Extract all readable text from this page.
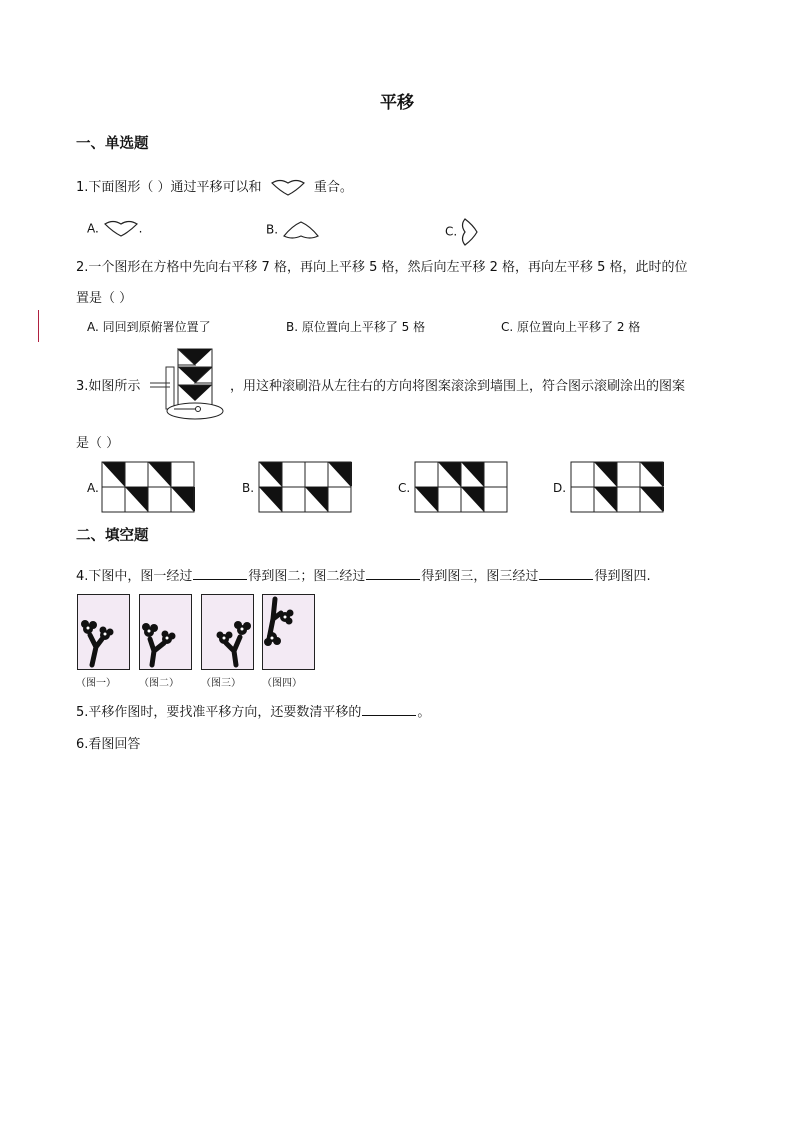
平移
一、单选题
1.下面图形（ ）通过平移可以和	重合。
A.	.	B.	C.
2.一个图形在方格中先向右平移 7 格，再向上平移 5 格，然后向左平移 2 格，再向左平移 5 格，此时的位
置是（ ）
A. 同回到原俯署位置了	B. 原位置向上平移了 5 格	C. 原位置向上平移了 2 格
3.如图所示	，用这种滚刷沿从左往右的方向将图案滚涂到墙围上，符合图示滚刷涂出的图案
是（ ）
A.	B.	C.	D.
二、填空题
4.下图中，图一经过	得到图二；图二经过	得到图三，图三经过	得到图四.
（图一） （图二） （图三） （图四）
5.平移作图时，要找准平移方向，还要数清平移的	。
6.看图回答
